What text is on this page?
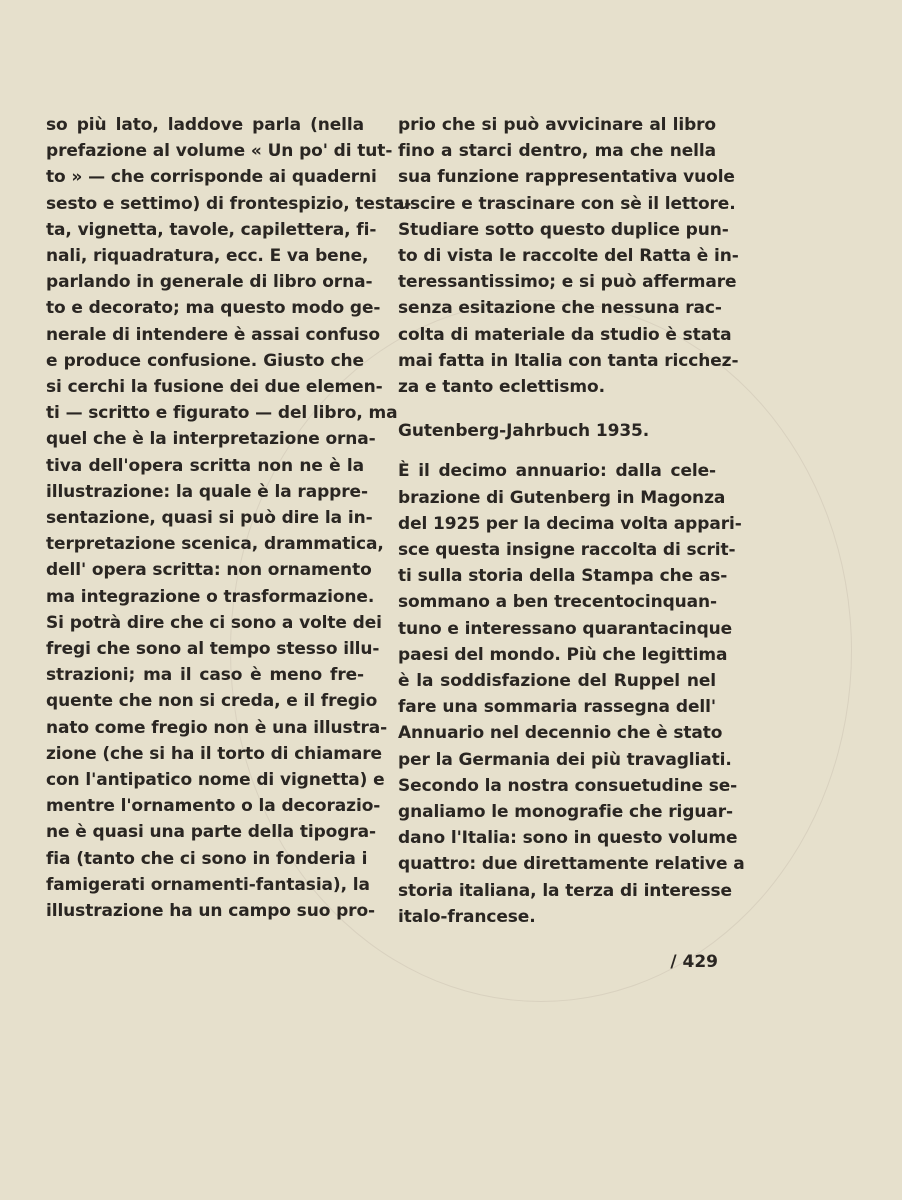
so più lato, laddove parla (nella
prefazione al volume « Un po' di tut-
to » — che corrisponde ai quaderni
sesto e settimo) di frontespizio, testa-
ta, vignetta, tavole, capilettera, fi-
nali, riquadratura, ecc. E va bene,
parlando in generale di libro orna-
to e decorato; ma questo modo ge-
nerale di intendere è assai confuso
e produce confusione. Giusto che
si cerchi la fusione dei due elemen-
ti — scritto e figurato — del libro, ma
quel che è la interpretazione orna-
tiva dell'opera scritta non ne è la
illustrazione: la quale è la rappre-
sentazione, quasi si può dire la in-
terpretazione scenica, drammatica,
dell' opera scritta: non ornamento
ma integrazione o trasformazione.
Si potrà dire che ci sono a volte dei
fregi che sono al tempo stesso illu-
strazioni; ma il caso è meno fre-
quente che non si creda, e il fregio
nato come fregio non è una illustra-
zione (che si ha il torto di chiamare
con l'antipatico nome di vignetta) e
mentre l'ornamento o la decorazio-
ne è quasi una parte della tipogra-
fia (tanto che ci sono in fonderia i
famigerati ornamenti-fantasia), la
illustrazione ha un campo suo pro-
prio che si può avvicinare al libro
fino a starci dentro, ma che nella
sua funzione rappresentativa vuole
uscire e trascinare con sè il lettore.
Studiare sotto questo duplice pun-
to di vista le raccolte del Ratta è in-
teressantissimo; e si può affermare
senza esitazione che nessuna rac-
colta di materiale da studio è stata
mai fatta in Italia con tanta ricchez-
za e tanto eclettismo.
Gutenberg-Jahrbuch 1935.
È il decimo annuario: dalla cele-
brazione di Gutenberg in Magonza
del 1925 per la decima volta appari-
sce questa insigne raccolta di scrit-
ti sulla storia della Stampa che as-
sommano a ben trecentocinquan-
tuno e interessano quarantacinque
paesi del mondo. Più che legittima
è la soddisfazione del Ruppel nel
fare una sommaria rassegna dell'
Annuario nel decennio che è stato
per la Germania dei più travagliati.
Secondo la nostra consuetudine se-
gnaliamo le monografie che riguar-
dano l'Italia: sono in questo volume
quattro: due direttamente relative a
storia italiana, la terza di interesse
italo-francese.
/ 429
